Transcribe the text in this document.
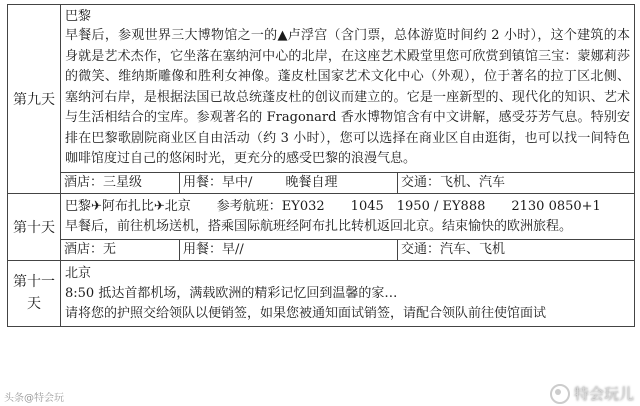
第九天	巴黎
早餐后，参观世界三大博物馆之一的▲卢浮宫（含门票，总体游览时间约 2 小时），这个建筑的本身就是艺术杰作，它坐落在塞纳河中心的北岸，在这座艺术殿堂里您可欣赏到镇馆三宝：蒙娜莉莎的微笑、维纳斯雕像和胜利女神像。蓬皮杜国家艺术文化中心（外观），位于著名的拉丁区北侧、塞纳河右岸，是根据法国已故总统蓬皮杜的创议而建立的。它是一座新型的、现代化的知识、艺术与生活相结合的宝库。参观著名的 Fragonard 香水博物馆含有中文讲解，感受芬芳气息。特别安排在巴黎歌剧院商业区自由活动（约 3 小时），您可以选择在商业区自由逛街，也可以找一间特色咖啡馆度过自己的悠闲时光，更充分的感受巴黎的浪漫气息。
酒店：三星级 用餐：早中/        晚餐自理 交通：飞机、汽车

第十天	巴黎✈阿布扎比✈北京　　参考航班：EY032　　1045　1950 / EY888　　2130 0850+1
早餐后，前往机场送机，搭乘国际航班经阿布扎比转机返回北京。结束愉快的欧洲旅程。
酒店：无 用餐：早// 交通：汽车、飞机

第十一天	北京
8:50 抵达首都机场，满载欧洲的精彩记忆回到温馨的家…
请将您的护照交给领队以便销签，如果您被通知面试销签，请配合领队前往使馆面试
头条@特会玩	特会玩儿
